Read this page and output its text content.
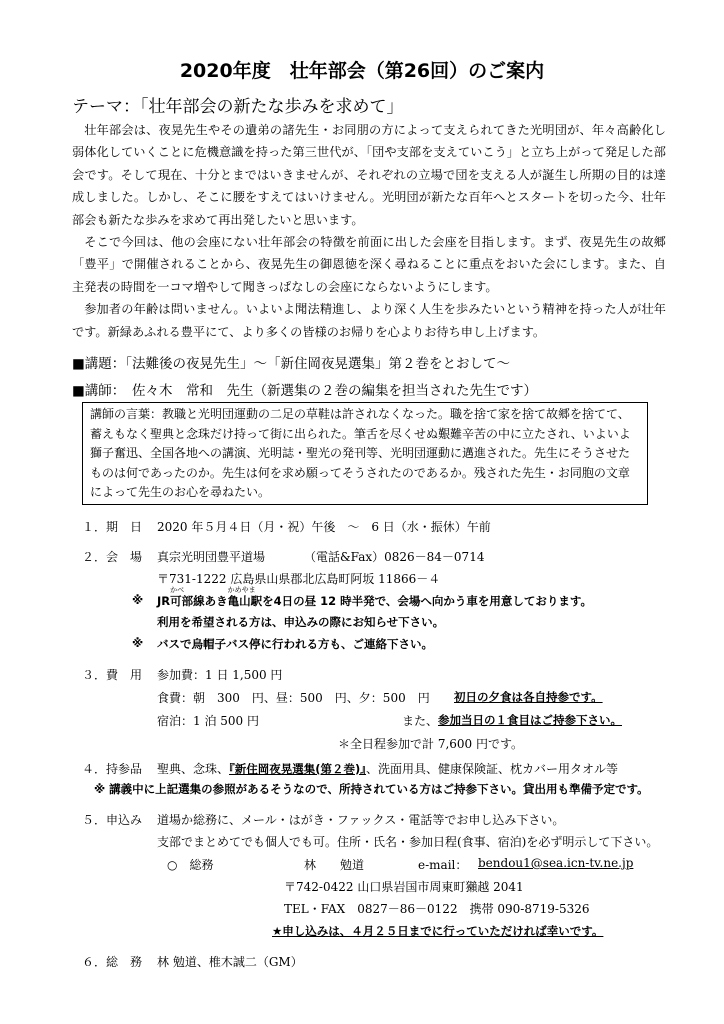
2020年度　壮年部会（第26回）のご案内
テーマ：「壮年部会の新たな歩みを求めて」

壮年部会は、夜晃先生やその遺弟の諸先生・お同朋の方によって支えられてきた光明団が、年々高齢化し弱体化していくことに危機意識を持った第三世代が、「団や支部を支えていこう」と立ち上がって発足した部会です。そして現在、十分とまではいきませんが、それぞれの立場で団を支える人が誕生し所期の目的は達成しました。しかし、そこに腰をすえてはいけません。光明団が新たな百年へとスタートを切った今、壮年部会も新たな歩みを求めて再出発したいと思います。

そこで今回は、他の会座にない壮年部会の特徴を前面に出した会座を目指します。まず、夜晃先生の故郷「豊平」で開催されることから、夜晃先生の御恩徳を深く尋ねることに重点をおいた会にします。また、自主発表の時間を一コマ増やして聞きっぱなしの会座にならないようにします。

参加者の年齢は問いません。いよいよ聞法精進し、より深く人生を歩みたいという精神を持った人が壮年です。新緑あふれる豊平にて、より多くの皆様のお帰りを心よりお待ち申し上げます。

■講題：「法難後の夜晃先生」～「新住岡夜晃選集」第２巻をとおして～
■講師：　佐々木　常和　先生（新選集の２巻の編集を担当された先生です）
講師の言葉：教職と光明団運動の二足の草鞋は許されなくなった。職を捨て家を捨て故郷を捨てて、蓄えもなく聖典と念珠だけ持って街に出られた。筆舌を尽くせぬ艱難辛苦の中に立たされ、いよいよ獅子奮迅、全国各地への講演、光明誌・聖光の発刊等、光明団運動に邁進された。先生にそうさせたものは何であったのか。先生は何を求め願ってそうされたのであるか。残された先生・お同胞の文章によって先生のお心を尋ねたい。
１．期　日 2020 年５月４日（月・祝）午後　～　6 日（水・振休）午前
２．会　場 真宗光明団豊平道場	（電話&Fax）0826－84－0714
〒731-1222 広島県山県郡北広島町阿坂 11866－４
※ JR
かべ
可部線あき
かめやま
亀山駅を4日の昼 12 時半発で、会場へ向かう車を用意しております。
利用を希望される方は、申込みの際にお知らせ下さい。
※ バスで烏帽子バス停に行われる方も、ご連絡下さい。
３．費　用 参加費：1 日 1,500 円
食費：朝　300　円、昼：500　円、夕：500　円 初日の夕食は各自持参です。
宿泊：1 泊 500 円	また、 参加当日の１食目はご持参下さい。
＊全日程参加で計 7,600 円です。
４．持参品 聖典、念珠、『新住岡夜晃選集(第２巻)』、洗面用具、健康保険証、枕カバー用タオル等
※ 講義中に上記選集の参照があるそうなので、所持されている方はご持参下さい。貸出用も準備予定です。
５．申込み 道場か総務に、メール・はがき・ファックス・電話等でお申し込み下さい。
支部でまとめてでも個人でも可。住所・氏名・参加日程(食事、宿泊)を必ず明示して下さい。
○　総務	林　　勉道	e-mail： bendou1@sea.icn‐tv.ne.jp
〒742‐0422 山口県岩国市周東町獺越 2041
TEL・FAX　0827－86－0122　携帯 090-8719-5326
★申し込みは、４月２５日までに行っていただければ幸いです。
６．総　務 林 勉道、椎木誠二（GM）
